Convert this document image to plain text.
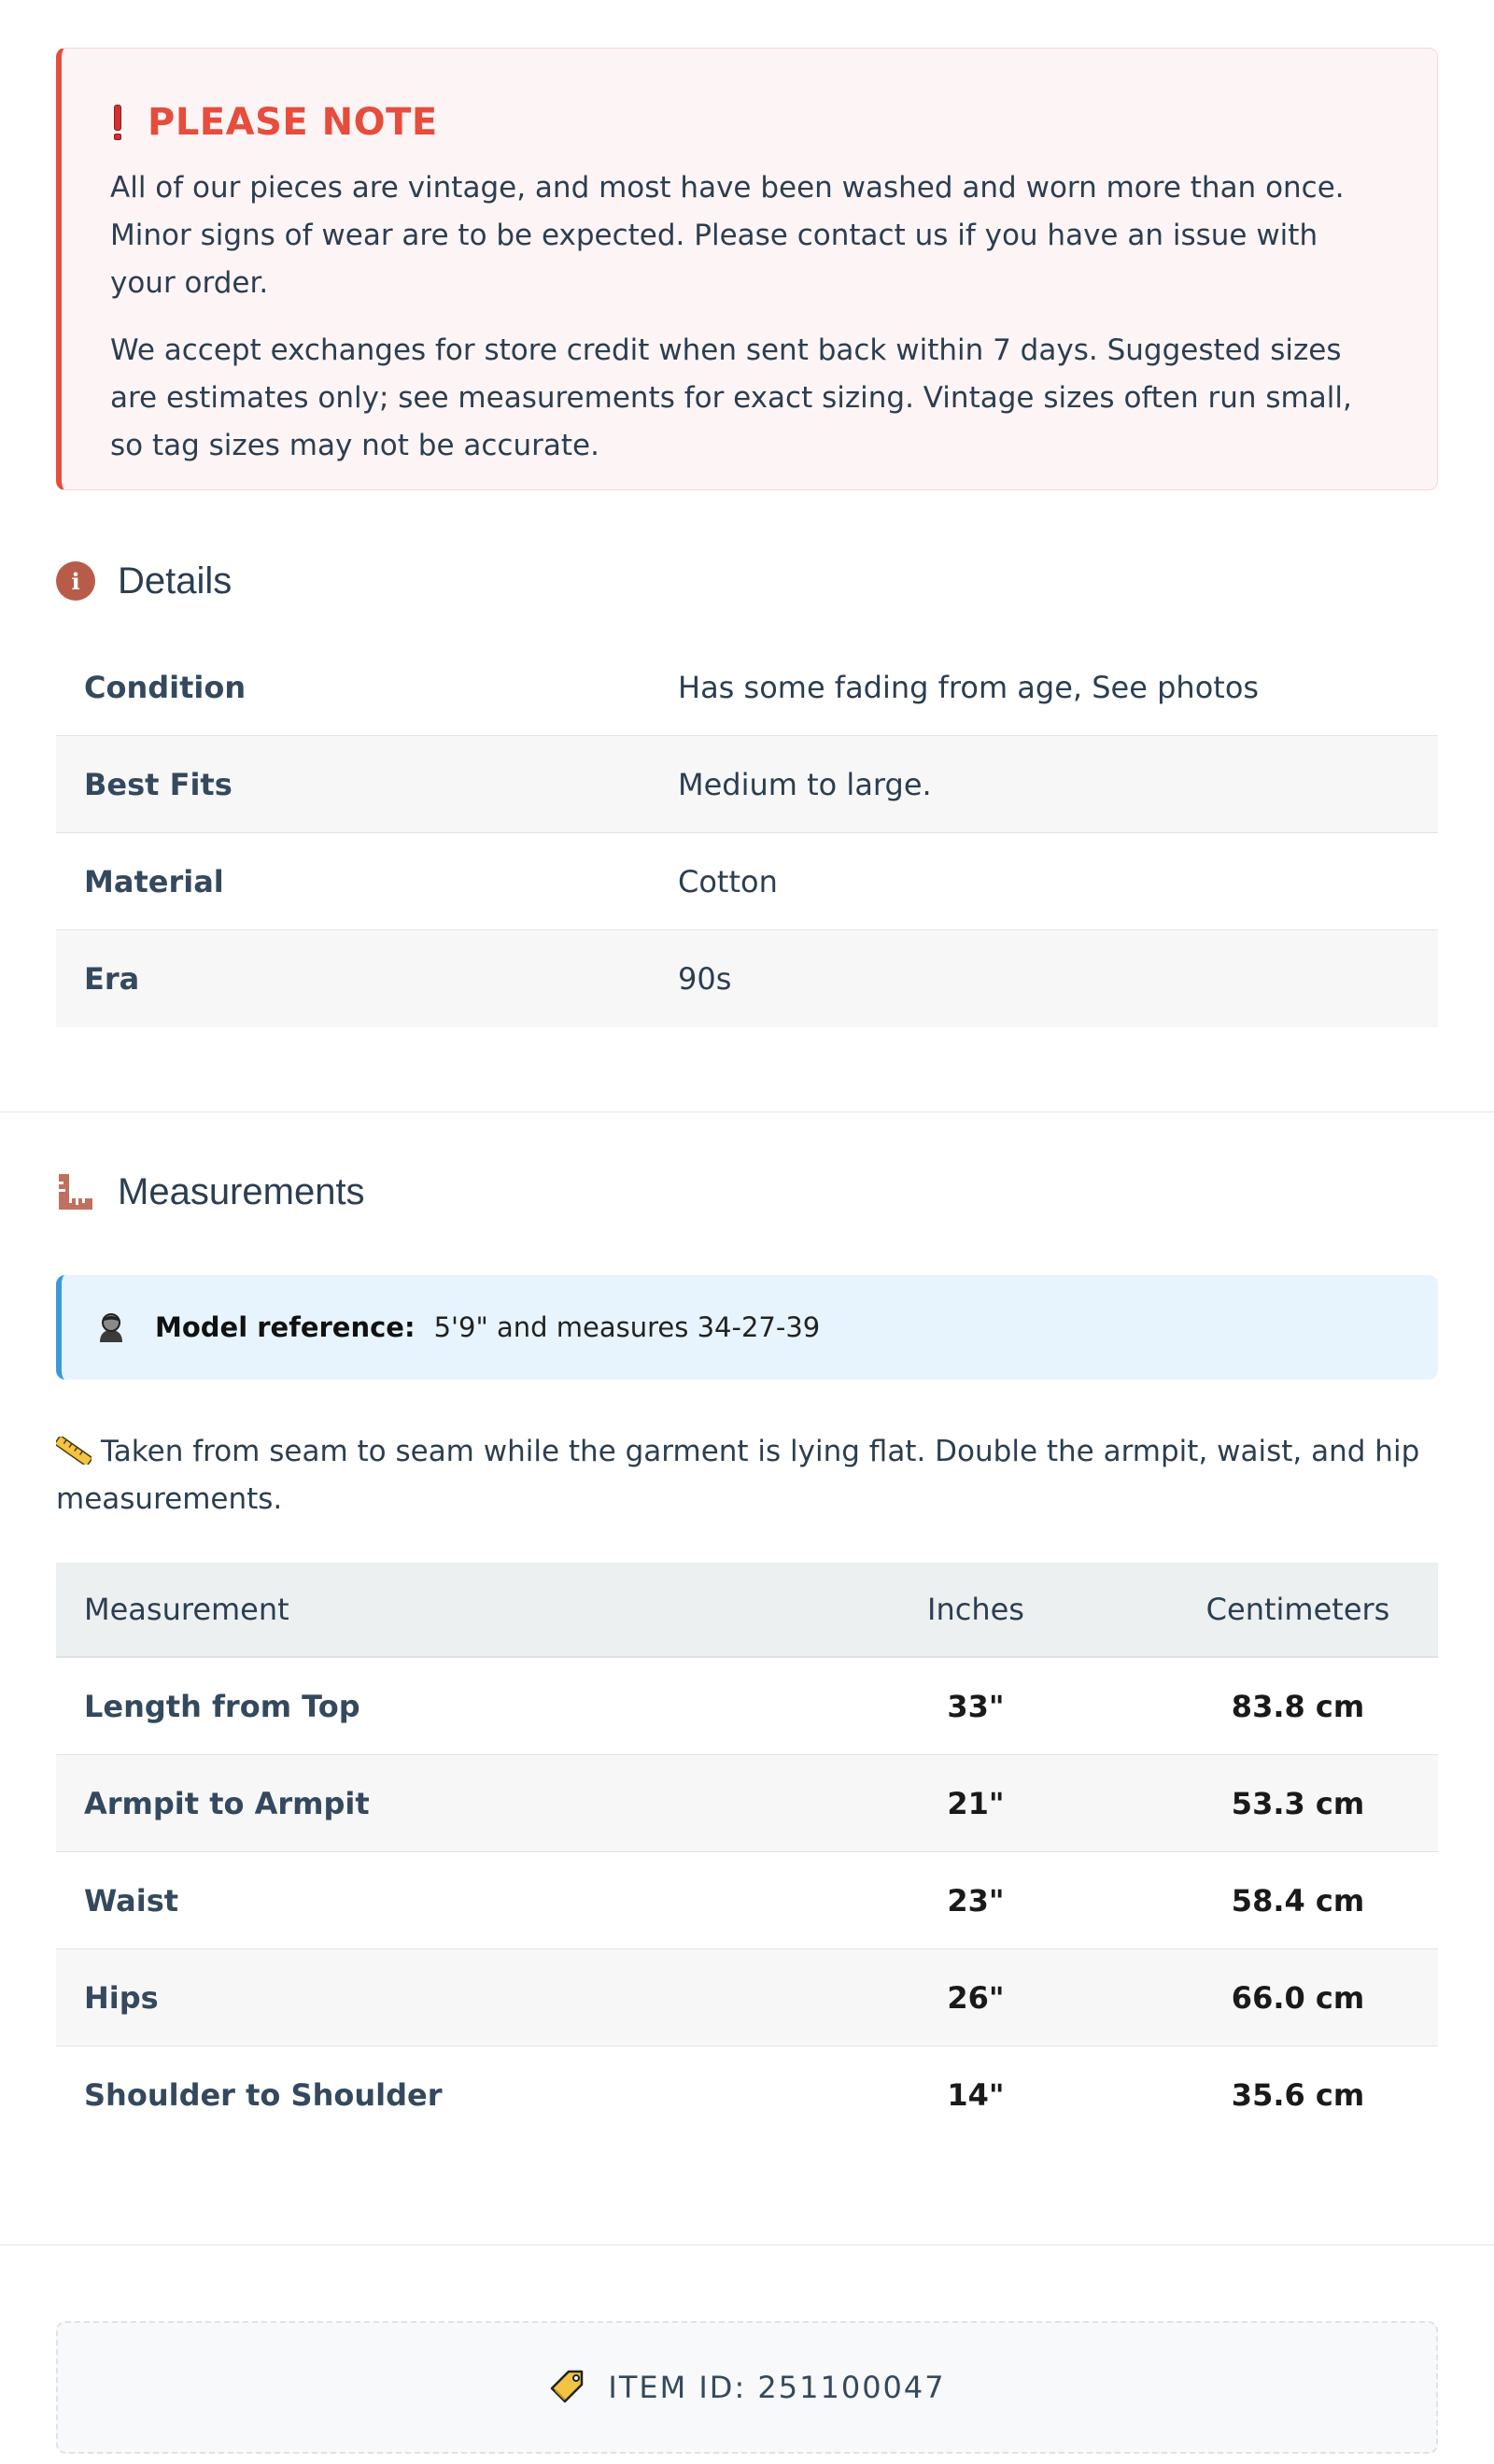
PLEASE NOTE

All of our pieces are vintage, and most have been washed and worn more than once. Minor signs of wear are to be expected. Please contact us if you have an issue with your order.

We accept exchanges for store credit when sent back within 7 days. Suggested sizes are estimates only; see measurements for exact sizing. Vintage sizes often run small, so tag sizes may not be accurate.

i	Details
Condition	Has some fading from age, See photos
Best Fits	Medium to large.
Material	Cotton
Era	90s
Measurements
Model reference: 5'9" and measures 34-27-39
Taken from seam to seam while the garment is lying flat. Double the armpit, waist, and hip measurements.
Measurement	Inches	Centimeters
Length from Top	33"	83.8 cm
Armpit to Armpit	21"	53.3 cm
Waist	23"	58.4 cm
Hips	26"	66.0 cm
Shoulder to Shoulder	14"	35.6 cm
ITEM ID: 251100047
